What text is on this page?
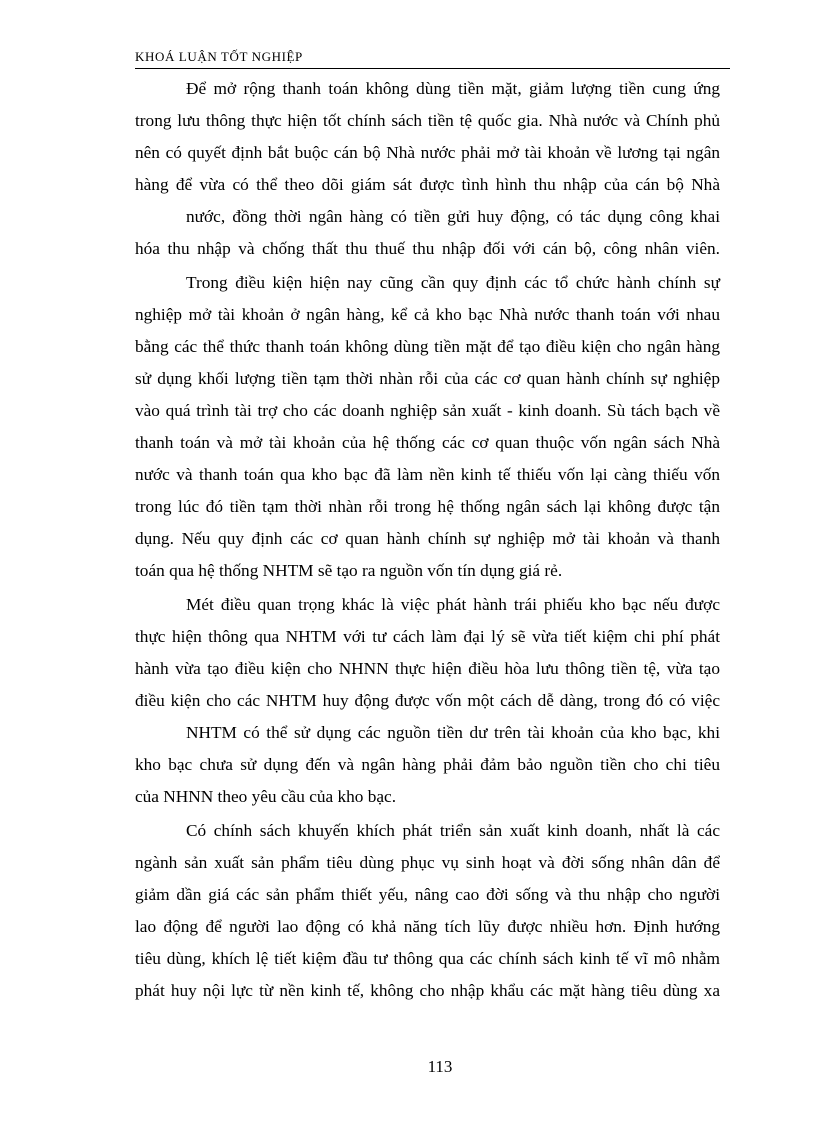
KHOÁ LUẬN TỐT NGHIỆP
Để mở rộng thanh toán không dùng tiền mặt, giảm lượng tiền cung ứng
trong lưu thông thực hiện tốt chính sách tiền tệ quốc gia. Nhà nước và Chính phủ
nên có quyết định bắt buộc cán bộ Nhà nước phải mở tài khoản về lương tại ngân
hàng để vừa có thể theo dõi giám sát được tình hình thu nhập của cán bộ Nhà
nước, đồng thời ngân hàng có tiền gửi huy động, có tác dụng công khai
hóa thu nhập và chống thất thu thuế thu nhập đối với cán bộ, công nhân viên.
Trong điều kiện hiện nay cũng cần quy định các tổ chức hành chính sự
nghiệp mở tài khoản ở ngân hàng, kể cả kho bạc Nhà nước thanh toán với nhau
bằng các thể thức thanh toán không dùng tiền mặt để tạo điều kiện cho ngân hàng
sử dụng khối lượng tiền tạm thời nhàn rỗi của các cơ quan hành chính sự nghiệp
vào quá trình tài trợ cho các doanh nghiệp sản xuất - kinh doanh. Sù tách bạch về
thanh toán và mở tài khoản của hệ thống các cơ quan thuộc vốn ngân sách Nhà
nước và thanh toán qua kho bạc đã làm nền kinh tế thiếu vốn lại càng thiếu vốn
trong lúc đó tiền tạm thời nhàn rỗi trong hệ thống ngân sách lại không được tận
dụng. Nếu quy định các cơ quan hành chính sự nghiệp mở tài khoản và thanh
toán qua hệ thống NHTM sẽ tạo ra nguồn vốn tín dụng giá rẻ.
Mét điều quan trọng khác là việc phát hành trái phiếu kho bạc nếu được
thực hiện thông qua NHTM với tư cách làm đại lý sẽ vừa tiết kiệm chi phí phát
hành vừa tạo điều kiện cho NHNN thực hiện điều hòa lưu thông tiền tệ, vừa tạo
điều kiện cho các NHTM huy động được vốn một cách dễ dàng, trong đó có việc
NHTM có thể sử dụng các nguồn tiền dư trên tài khoản của kho bạc, khi
kho bạc chưa sử dụng đến và ngân hàng phải đảm bảo nguồn tiền cho chi tiêu
của NHNN theo yêu cầu của kho bạc.
Có chính sách khuyến khích phát triển sản xuất kinh doanh, nhất là các
ngành sản xuất sản phẩm tiêu dùng phục vụ sinh hoạt và đời sống nhân dân để
giảm dần giá các sản phẩm thiết yếu, nâng cao đời sống và thu nhập cho người
lao động để người lao động có khả năng tích lũy được nhiều hơn. Định hướng
tiêu dùng, khích lệ tiết kiệm đầu tư thông qua các chính sách kinh tế vĩ mô nhằm
phát huy nội lực từ nền kinh tế, không cho nhập khẩu các mặt hàng tiêu dùng xa
113
